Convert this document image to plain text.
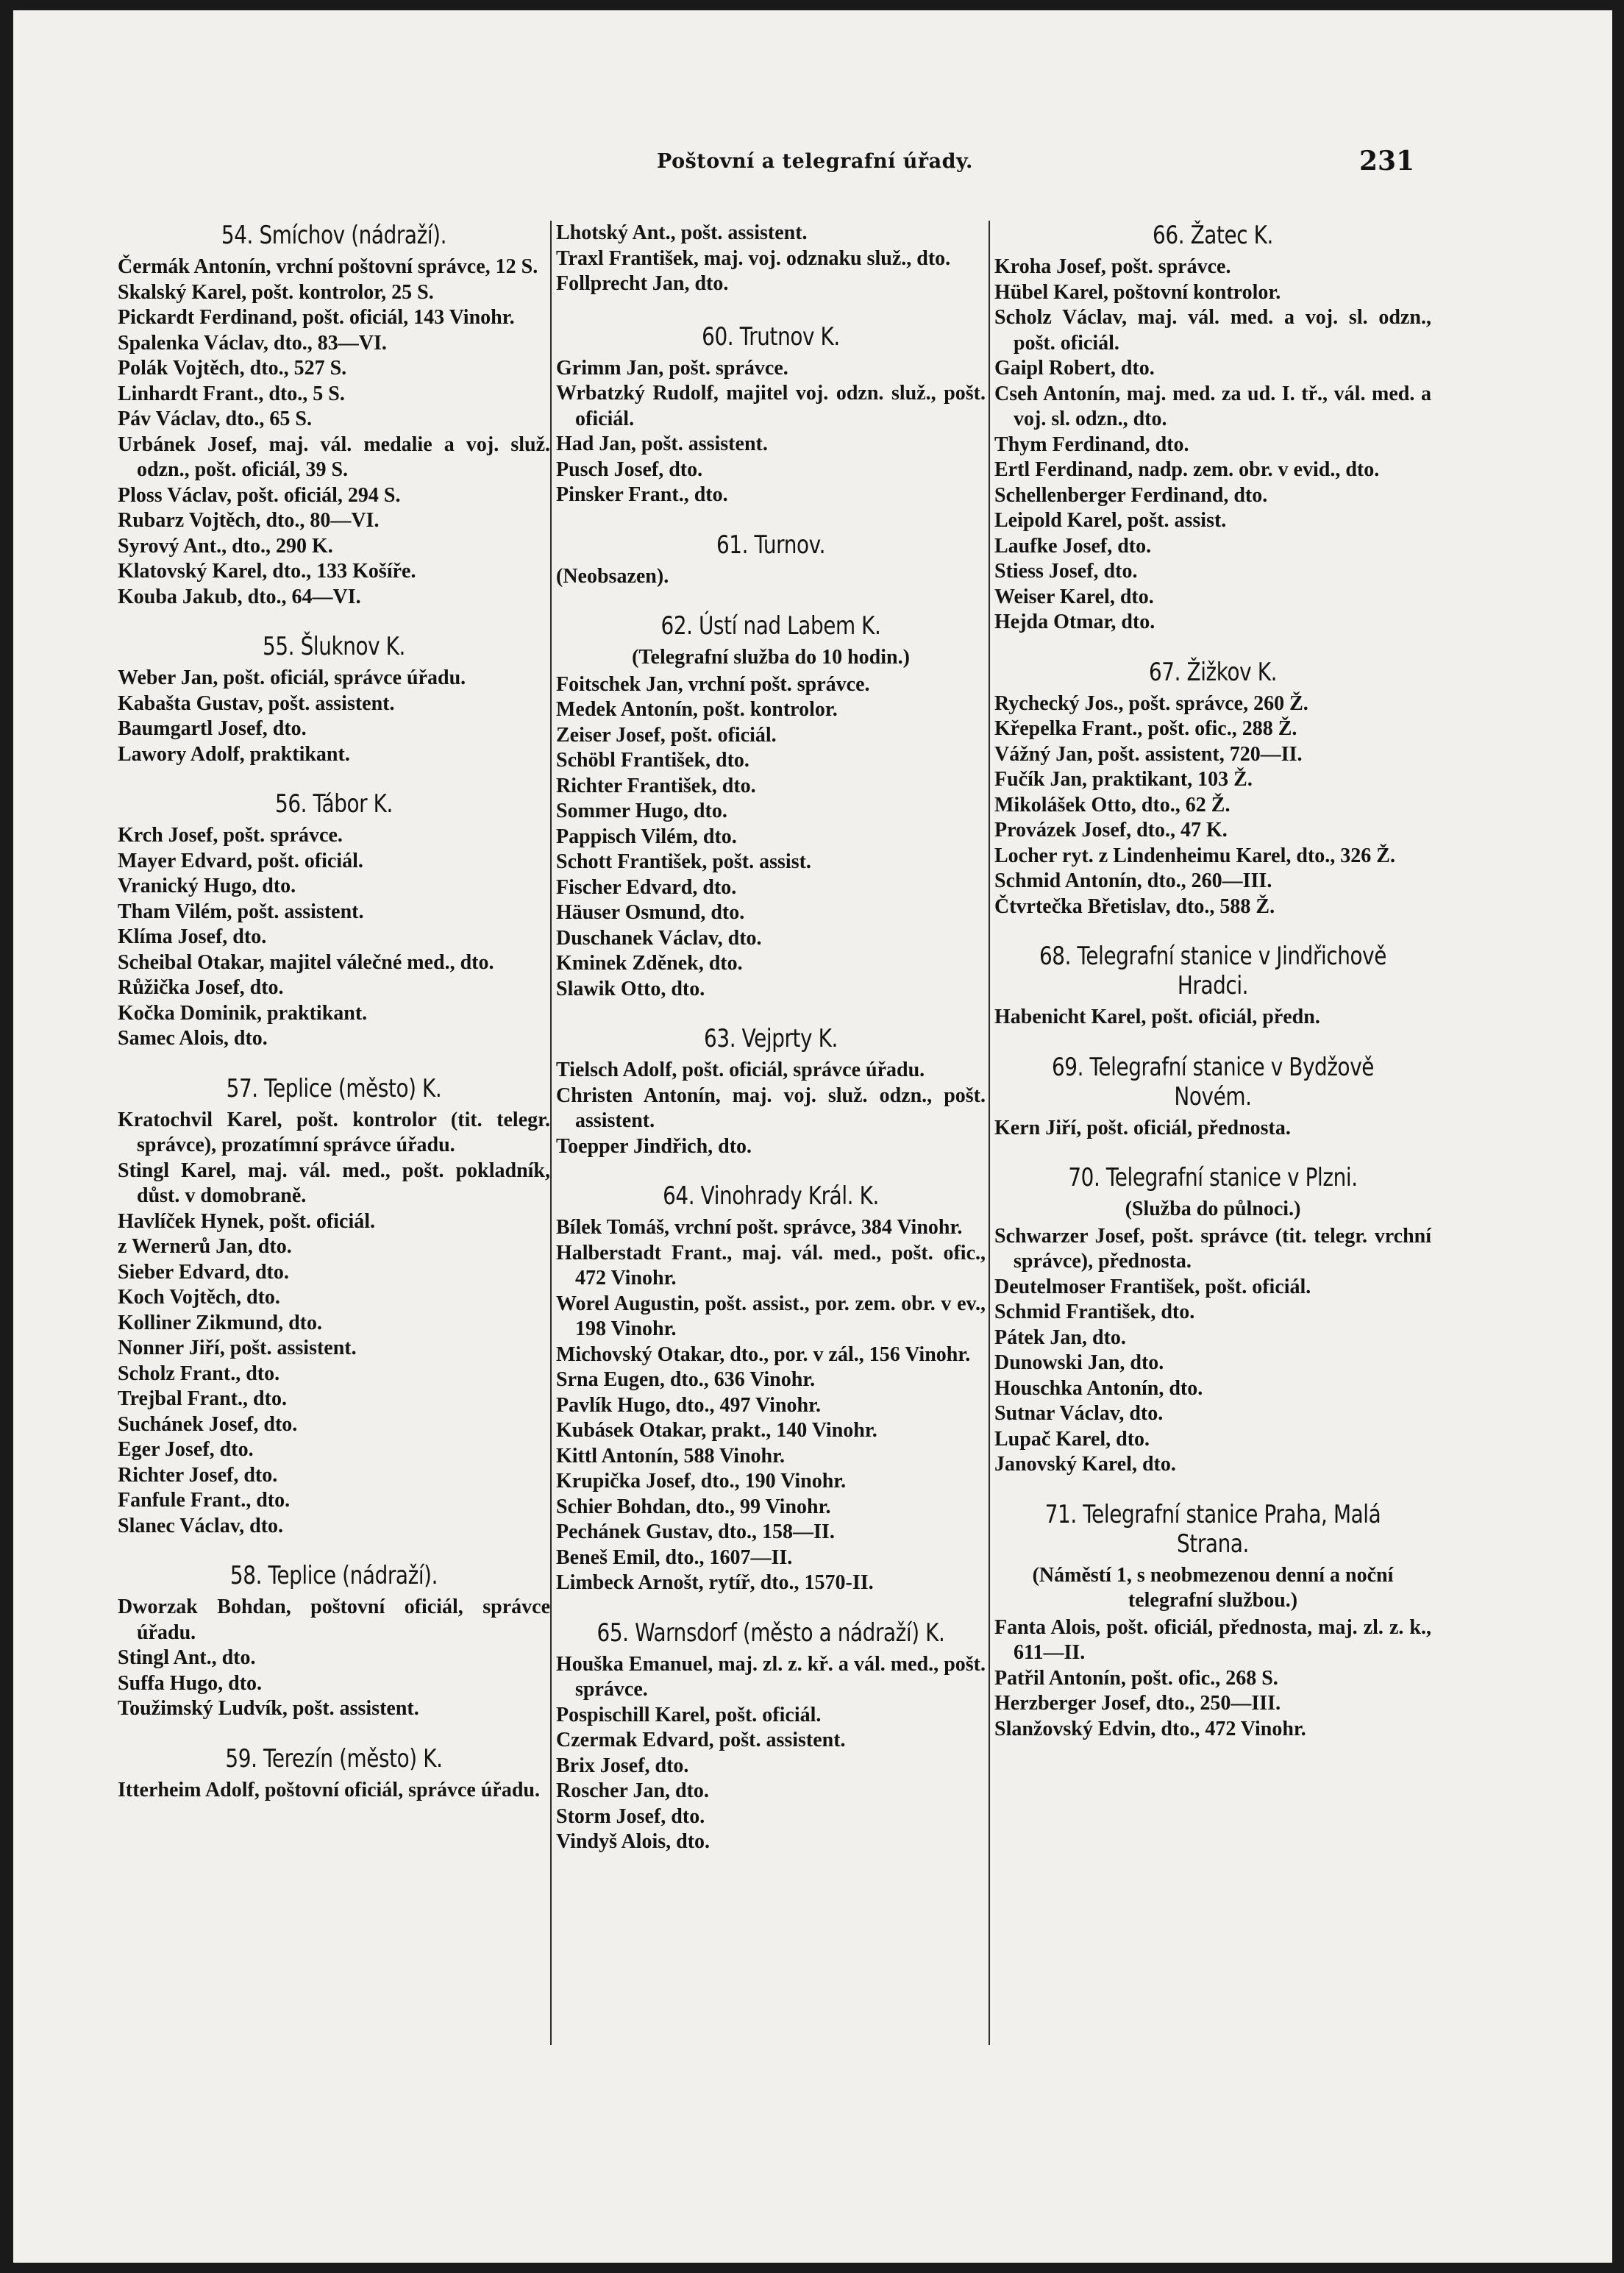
Poštovní a telegrafní úřady.	231
54. Smíchov (nádraží).
Čermák Antonín, vrchní poštovní správce, 12 S.
Skalský Karel, pošt. kontrolor, 25 S.
Pickardt Ferdinand, pošt. oficiál, 143 Vinohr.
Spalenka Václav, dto., 83—VI.
Polák Vojtěch, dto., 527 S.
Linhardt Frant., dto., 5 S.
Páv Václav, dto., 65 S.
Urbánek Josef, maj. vál. medalie a voj. služ. odzn., pošt. oficiál, 39 S.
Ploss Václav, pošt. oficiál, 294 S.
Rubarz Vojtěch, dto., 80—VI.
Syrový Ant., dto., 290 K.
Klatovský Karel, dto., 133 Košíře.
Kouba Jakub, dto., 64—VI.
55. Šluknov K.
Weber Jan, pošt. oficiál, správce úřadu.
Kabašta Gustav, pošt. assistent.
Baumgartl Josef, dto.
Lawory Adolf, praktikant.
56. Tábor K.
Krch Josef, pošt. správce.
Mayer Edvard, pošt. oficiál.
Vranický Hugo, dto.
Tham Vilém, pošt. assistent.
Klíma Josef, dto.
Scheibal Otakar, majitel válečné med., dto.
Růžička Josef, dto.
Kočka Dominik, praktikant.
Samec Alois, dto.
57. Teplice (město) K.
Kratochvil Karel, pošt. kontrolor (tit. telegr. správce), prozatímní správce úřadu.
Stingl Karel, maj. vál. med., pošt. pokladník, důst. v domobraně.
Havlíček Hynek, pošt. oficiál.
z Wernerů Jan, dto.
Sieber Edvard, dto.
Koch Vojtěch, dto.
Kolliner Zikmund, dto.
Nonner Jiří, pošt. assistent.
Scholz Frant., dto.
Trejbal Frant., dto.
Suchánek Josef, dto.
Eger Josef, dto.
Richter Josef, dto.
Fanfule Frant., dto.
Slanec Václav, dto.
58. Teplice (nádraží).
Dworzak Bohdan, poštovní oficiál, správce úřadu.
Stingl Ant., dto.
Suffa Hugo, dto.
Toužimský Ludvík, pošt. assistent.
59. Terezín (město) K.
Itterheim Adolf, poštovní oficiál, správce úřadu.
Lhotský Ant., pošt. assistent.
Traxl František, maj. voj. odznaku služ., dto.
Follprecht Jan, dto.
60. Trutnov K.
Grimm Jan, pošt. správce.
Wrbatzký Rudolf, majitel voj. odzn. služ., pošt. oficiál.
Had Jan, pošt. assistent.
Pusch Josef, dto.
Pinsker Frant., dto.
61. Turnov.
(Neobsazen).
62. Ústí nad Labem K.
(Telegrafní služba do 10 hodin.)
Foitschek Jan, vrchní pošt. správce.
Medek Antonín, pošt. kontrolor.
Zeiser Josef, pošt. oficiál.
Schöbl František, dto.
Richter František, dto.
Sommer Hugo, dto.
Pappisch Vilém, dto.
Schott František, pošt. assist.
Fischer Edvard, dto.
Häuser Osmund, dto.
Duschanek Václav, dto.
Kminek Zděnek, dto.
Slawik Otto, dto.
63. Vejprty K.
Tielsch Adolf, pošt. oficiál, správce úřadu.
Christen Antonín, maj. voj. služ. odzn., pošt. assistent.
Toepper Jindřich, dto.
64. Vinohrady Král. K.
Bílek Tomáš, vrchní pošt. správce, 384 Vinohr.
Halberstadt Frant., maj. vál. med., pošt. ofic., 472 Vinohr.
Worel Augustin, pošt. assist., por. zem. obr. v ev., 198 Vinohr.
Michovský Otakar, dto., por. v zál., 156 Vinohr.
Srna Eugen, dto., 636 Vinohr.
Pavlík Hugo, dto., 497 Vinohr.
Kubásek Otakar, prakt., 140 Vinohr.
Kittl Antonín, 588 Vinohr.
Krupička Josef, dto., 190 Vinohr.
Schier Bohdan, dto., 99 Vinohr.
Pechánek Gustav, dto., 158—II.
Beneš Emil, dto., 1607—II.
Limbeck Arnošt, rytíř, dto., 1570-II.
65. Warnsdorf (město a nádraží) K.
Houška Emanuel, maj. zl. z. kř. a vál. med., pošt. správce.
Pospischill Karel, pošt. oficiál.
Czermak Edvard, pošt. assistent.
Brix Josef, dto.
Roscher Jan, dto.
Storm Josef, dto.
Vindyš Alois, dto.
66. Žatec K.
Kroha Josef, pošt. správce.
Hübel Karel, poštovní kontrolor.
Scholz Václav, maj. vál. med. a voj. sl. odzn., pošt. oficiál.
Gaipl Robert, dto.
Cseh Antonín, maj. med. za ud. I. tř., vál. med. a voj. sl. odzn., dto.
Thym Ferdinand, dto.
Ertl Ferdinand, nadp. zem. obr. v evid., dto.
Schellenberger Ferdinand, dto.
Leipold Karel, pošt. assist.
Laufke Josef, dto.
Stiess Josef, dto.
Weiser Karel, dto.
Hejda Otmar, dto.
67. Žižkov K.
Rychecký Jos., pošt. správce, 260 Ž.
Křepelka Frant., pošt. ofic., 288 Ž.
Vážný Jan, pošt. assistent, 720—II.
Fučík Jan, praktikant, 103 Ž.
Mikolášek Otto, dto., 62 Ž.
Provázek Josef, dto., 47 K.
Locher ryt. z Lindenheimu Karel, dto., 326 Ž.
Schmid Antonín, dto., 260—III.
Čtvrtečka Břetislav, dto., 588 Ž.
68. Telegrafní stanice v Jindřichově Hradci.
Habenicht Karel, pošt. oficiál, předn.
69. Telegrafní stanice v Bydžově Novém.
Kern Jiří, pošt. oficiál, přednosta.
70. Telegrafní stanice v Plzni.
(Služba do půlnoci.)
Schwarzer Josef, pošt. správce (tit. telegr. vrchní správce), přednosta.
Deutelmoser František, pošt. oficiál.
Schmid František, dto.
Pátek Jan, dto.
Dunowski Jan, dto.
Houschka Antonín, dto.
Sutnar Václav, dto.
Lupač Karel, dto.
Janovský Karel, dto.
71. Telegrafní stanice Praha, Malá Strana.
(Náměstí 1, s neobmezenou denní a noční telegrafní službou.)
Fanta Alois, pošt. oficiál, přednosta, maj. zl. z. k., 611—II.
Patřil Antonín, pošt. ofic., 268 S.
Herzberger Josef, dto., 250—III.
Slanžovský Edvin, dto., 472 Vinohr.
